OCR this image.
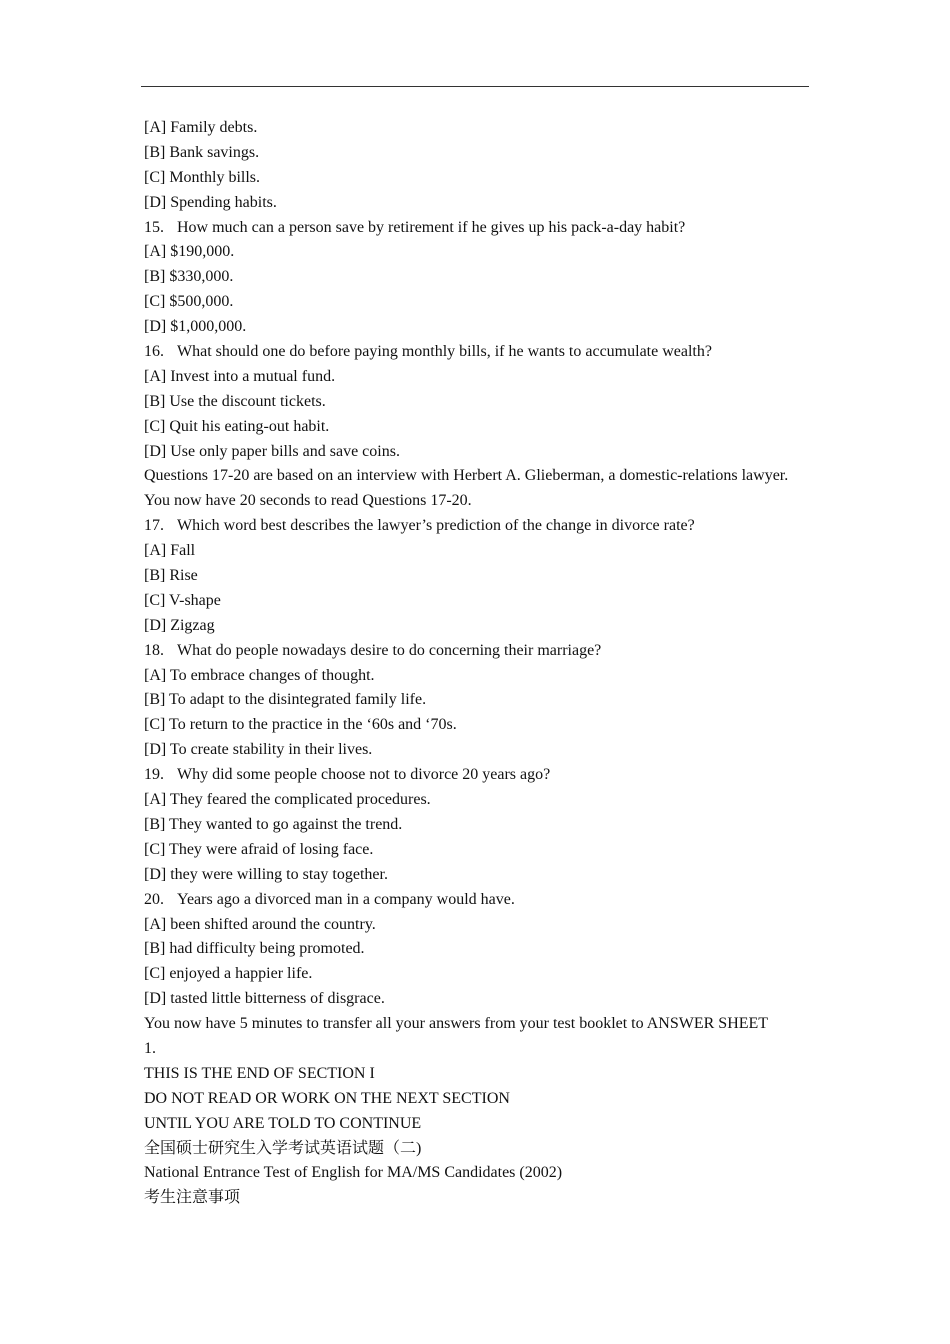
[A] Family debts.
[B] Bank savings.
[C] Monthly bills.
[D] Spending habits.
15. How much can a person save by retirement if he gives up his pack-a-day habit?
[A] $190,000.
[B] $330,000.
[C] $500,000.
[D] $1,000,000.
16. What should one do before paying monthly bills, if he wants to accumulate wealth?
[A] Invest into a mutual fund.
[B] Use the discount tickets.
[C] Quit his eating-out habit.
[D] Use only paper bills and save coins.
Questions 17-20 are based on an interview with Herbert A. Glieberman, a domestic-relations lawyer.
You now have 20 seconds to read Questions 17-20.
17. Which word best describes the lawyer’s prediction of the change in divorce rate?
[A] Fall
[B] Rise
[C] V-shape
[D] Zigzag
18. What do people nowadays desire to do concerning their marriage?
[A] To embrace changes of thought.
[B] To adapt to the disintegrated family life.
[C] To return to the practice in the ‘60s and ‘70s.
[D] To create stability in their lives.
19. Why did some people choose not to divorce 20 years ago?
[A] They feared the complicated procedures.
[B] They wanted to go against the trend.
[C] They were afraid of losing face.
[D] they were willing to stay together.
20. Years ago a divorced man in a company would have.
[A] been shifted around the country.
[B] had difficulty being promoted.
[C] enjoyed a happier life.
[D] tasted little bitterness of disgrace.
You now have 5 minutes to transfer all your answers from your test booklet to ANSWER SHEET
1.
THIS IS THE END OF SECTION I
DO NOT READ OR WORK ON THE NEXT SECTION
UNTIL YOU ARE TOLD TO CONTINUE
全国硕士研究生入学考试英语试题（二)
National Entrance Test of English for MA/MS Candidates (2002)
考生注意事项
